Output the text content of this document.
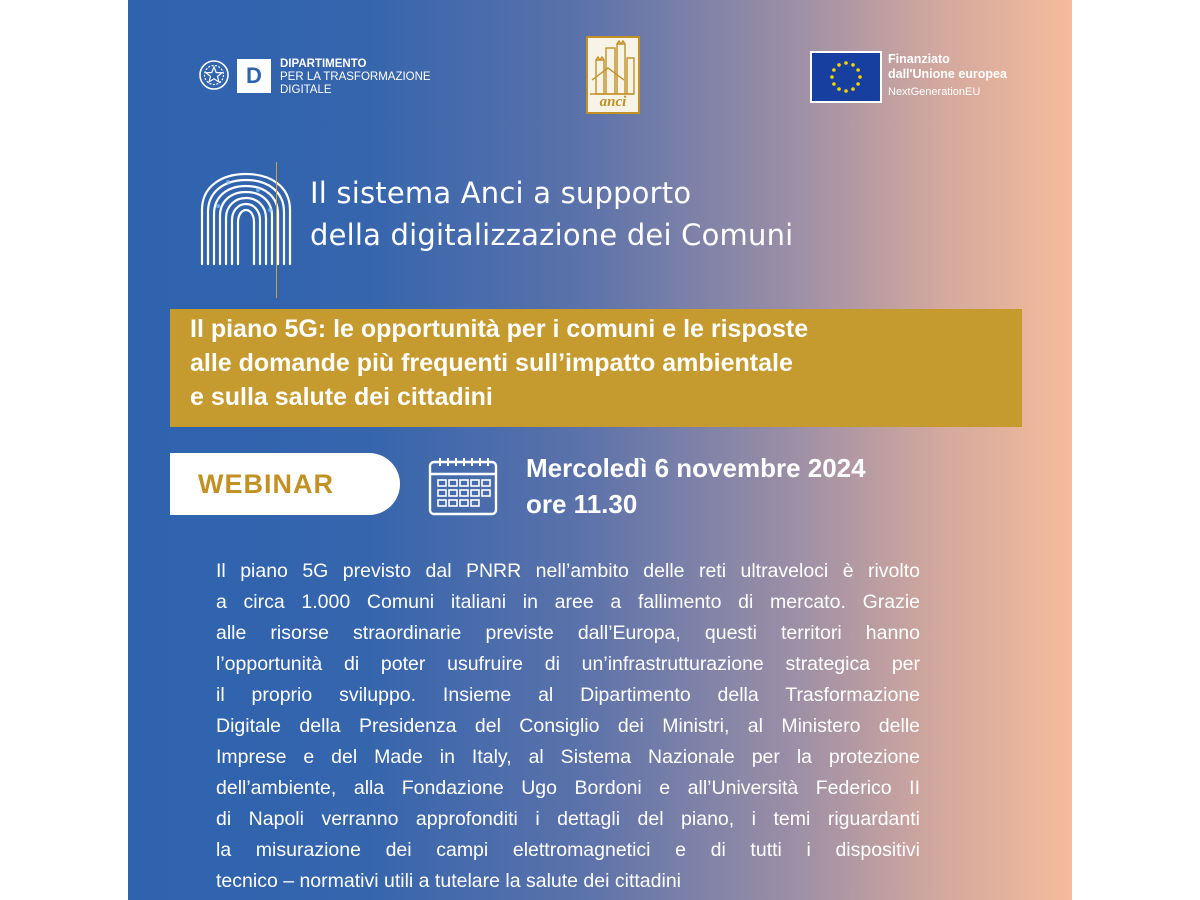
D	DIPARTIMENTO
PER LA TRASFORMAZIONE
DIGITALE
anci
Finanziato
dall'Unione europea
NextGenerationEU
Il sistema Anci a supporto
della digitalizzazione dei Comuni
Il piano 5G: le opportunità per i comuni e le risposte
alle domande più frequenti sull’impatto ambientale
e sulla salute dei cittadini
WEBINAR
Mercoledì 6 novembre 2024
ore 11.30
Il piano 5G previsto dal PNRR nell’ambito delle reti ultraveloci è rivolto
a circa 1.000 Comuni italiani in aree a fallimento di mercato. Grazie
alle risorse straordinarie previste dall’Europa, questi territori hanno
l’opportunità di poter usufruire di un’infrastrutturazione strategica per
il proprio sviluppo. Insieme al Dipartimento della Trasformazione
Digitale della Presidenza del Consiglio dei Ministri, al Ministero delle
Imprese e del Made in Italy, al Sistema Nazionale per la protezione
dell’ambiente, alla Fondazione Ugo Bordoni e all’Università Federico II
di Napoli verranno approfonditi i dettagli del piano, i temi riguardanti
la misurazione dei campi elettromagnetici e di tutti i dispositivi
tecnico – normativi utili a tutelare la salute dei cittadini
